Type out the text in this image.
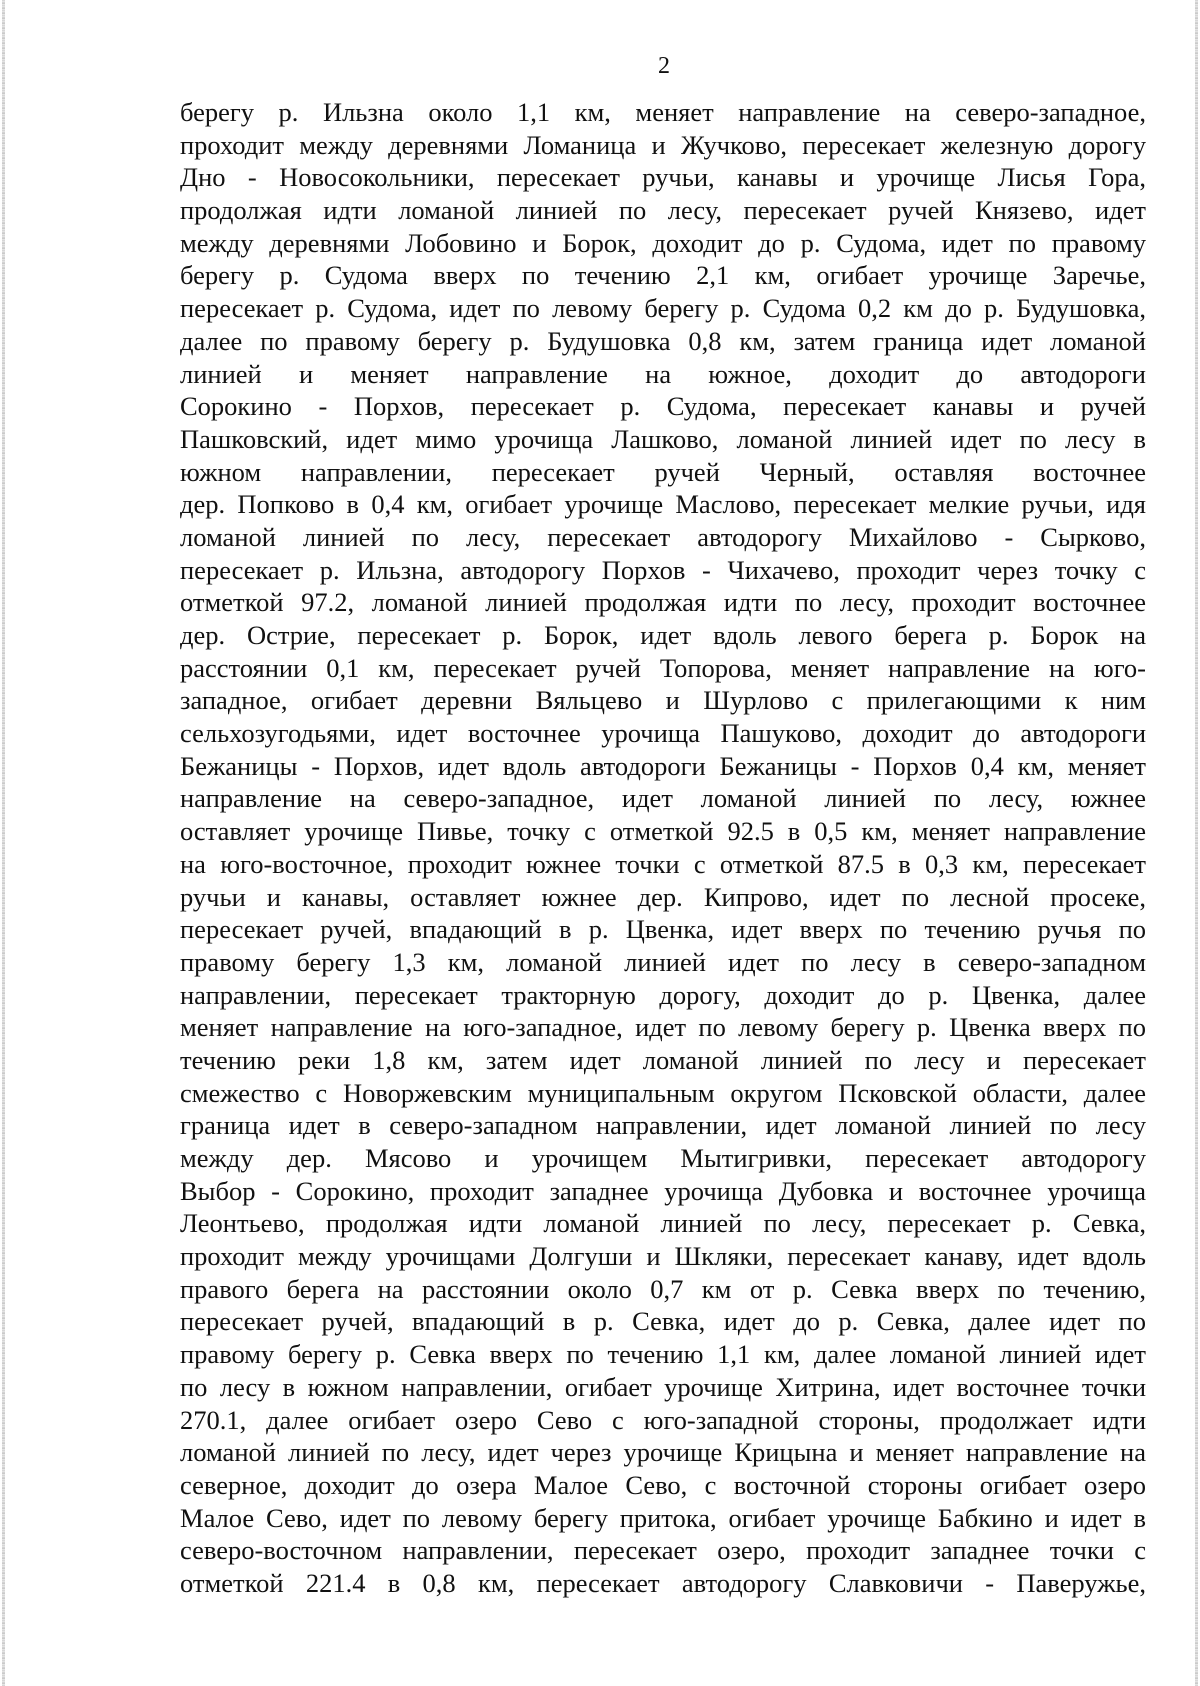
2
берегу р. Ильзна около 1,1 км, меняет направление на северо-западное,
проходит между деревнями Ломаница и Жучково, пересекает железную дорогу
Дно - Новосокольники, пересекает ручьи, канавы и урочище Лисья Гора,
продолжая идти ломаной линией по лесу, пересекает ручей Князево, идет
между деревнями Лобовино и Борок, доходит до р. Судома, идет по правому
берегу р. Судома вверх по течению 2,1 км, огибает урочище Заречье,
пересекает р. Судома, идет по левому берегу р. Судома 0,2 км до р. Будушовка,
далее по правому берегу р. Будушовка 0,8 км, затем граница идет ломаной
линией и меняет направление на южное, доходит до автодороги
Сорокино - Порхов, пересекает р. Судома, пересекает канавы и ручей
Пашковский, идет мимо урочища Лашково, ломаной линией идет по лесу в
южном направлении, пересекает ручей Черный, оставляя восточнее
дер. Попково в 0,4 км, огибает урочище Маслово, пересекает мелкие ручьи, идя
ломаной линией по лесу, пересекает автодорогу Михайлово - Сырково,
пересекает р. Ильзна, автодорогу Порхов - Чихачево, проходит через точку с
отметкой 97.2, ломаной линией продолжая идти по лесу, проходит восточнее
дер. Острие, пересекает р. Борок, идет вдоль левого берега р. Борок на
расстоянии 0,1 км, пересекает ручей Топорова, меняет направление на юго-
западное, огибает деревни Вяльцево и Шурлово с прилегающими к ним
сельхозугодьями, идет восточнее урочища Пашуково, доходит до автодороги
Бежаницы - Порхов, идет вдоль автодороги Бежаницы - Порхов 0,4 км, меняет
направление на северо-западное, идет ломаной линией по лесу, южнее
оставляет урочище Пивье, точку с отметкой 92.5 в 0,5 км, меняет направление
на юго-восточное, проходит южнее точки с отметкой 87.5 в 0,3 км, пересекает
ручьи и канавы, оставляет южнее дер. Кипрово, идет по лесной просеке,
пересекает ручей, впадающий в р. Цвенка, идет вверх по течению ручья по
правому берегу 1,3 км, ломаной линией идет по лесу в северо-западном
направлении, пересекает тракторную дорогу, доходит до р. Цвенка, далее
меняет направление на юго-западное, идет по левому берегу р. Цвенка вверх по
течению реки 1,8 км, затем идет ломаной линией по лесу и пересекает
смежество с Новоржевским муниципальным округом Псковской области, далее
граница идет в северо-западном направлении, идет ломаной линией по лесу
между дер. Мясово и урочищем Мытигривки, пересекает автодорогу
Выбор - Сорокино, проходит западнее урочища Дубовка и восточнее урочища
Леонтьево, продолжая идти ломаной линией по лесу, пересекает р. Севка,
проходит между урочищами Долгуши и Шкляки, пересекает канаву, идет вдоль
правого берега на расстоянии около 0,7 км от р. Севка вверх по течению,
пересекает ручей, впадающий в р. Севка, идет до р. Севка, далее идет по
правому берегу р. Севка вверх по течению 1,1 км, далее ломаной линией идет
по лесу в южном направлении, огибает урочище Хитрина, идет восточнее точки
270.1, далее огибает озеро Сево с юго-западной стороны, продолжает идти
ломаной линией по лесу, идет через урочище Крицына и меняет направление на
северное, доходит до озера Малое Сево, с восточной стороны огибает озеро
Малое Сево, идет по левому берегу притока, огибает урочище Бабкино и идет в
северо-восточном направлении, пересекает озеро, проходит западнее точки с
отметкой 221.4 в 0,8 км, пересекает автодорогу Славковичи - Паверужье,
